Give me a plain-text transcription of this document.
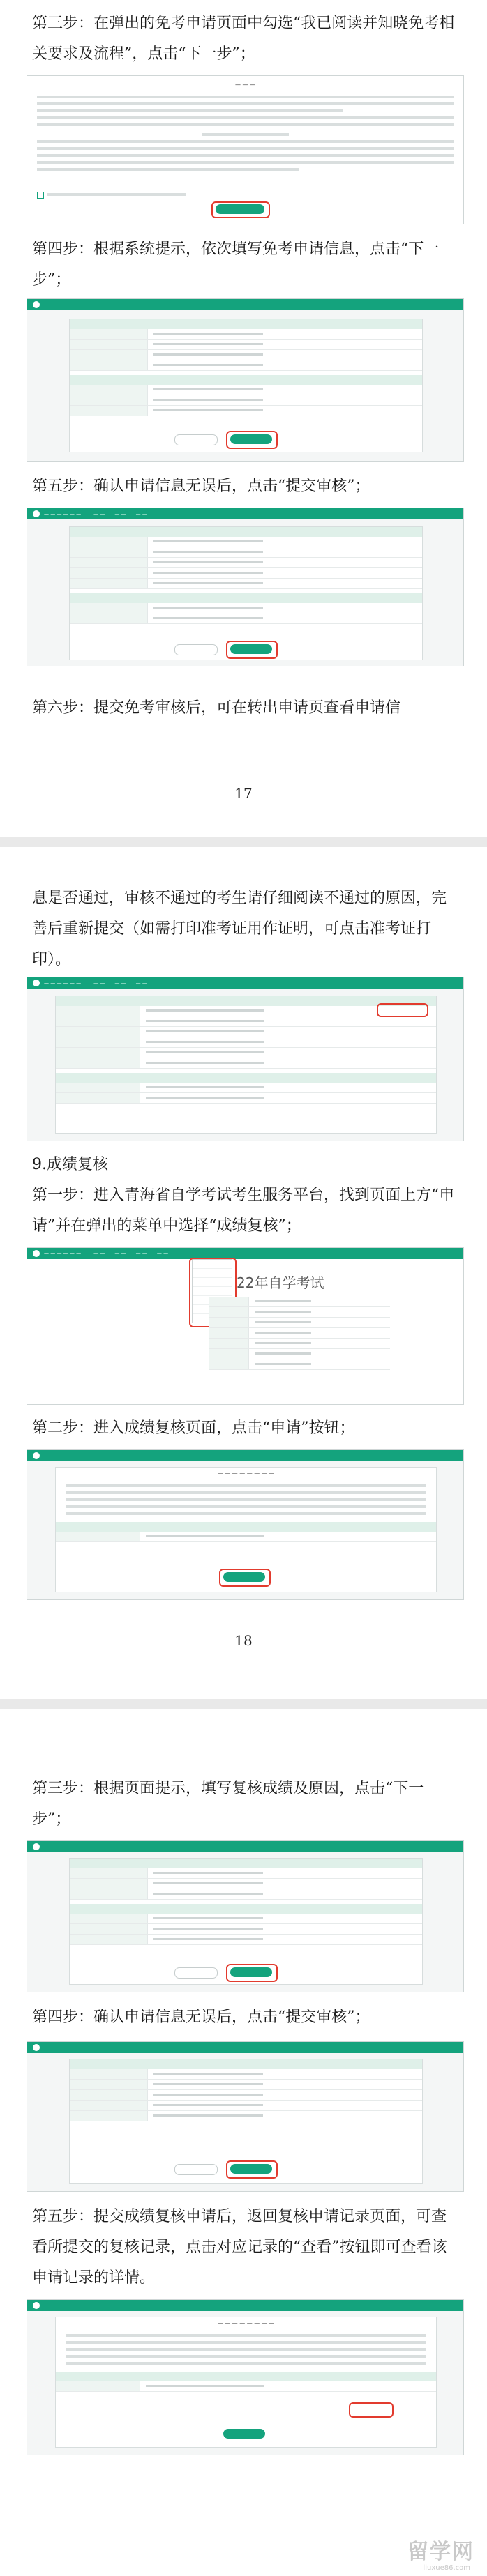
第三步：在弹出的免考申请页面中勾选“我已阅读并知晓免考相关要求及流程”，点击“下一步”；

— — —

第四步：根据系统提示，依次填写免考申请信息，点击“下一步”；

— — — — — —	— — — — — — — —

第五步：确认申请信息无误后，点击“提交审核”；

— — — — — —	— — — — — —

第六步：提交免考审核后，可在转出申请页查看申请信

－ 17 －

息是否通过，审核不通过的考生请仔细阅读不通过的原因，完善后重新提交（如需打印准考证用作证明，可点击准考证打印）。

— — — — — —	— — — — — —

9.成绩复核

第一步：进入青海省自学考试考生服务平台，找到页面上方“申请”并在弹出的菜单中选择“成绩复核”；

— — — — — —	— — — — — — — —
22年自学考试

第二步：进入成绩复核页面，点击“申请”按钮；

— — — — — —	— — — —
— — — — — — — —
－ 18 －

第三步：根据页面提示，填写复核成绩及原因，点击“下一步”；

— — — — — —	— — — —

第四步：确认申请信息无误后，点击“提交审核”；

— — — — — —	— — — —

第五步：提交成绩复核申请后，返回复核申请记录页面，可查看所提交的复核记录，点击对应记录的“查看”按钮即可查看该申请记录的详情。

— — — — — —	— — — —
— — — — — — — —
留学网
liuxue86.com
